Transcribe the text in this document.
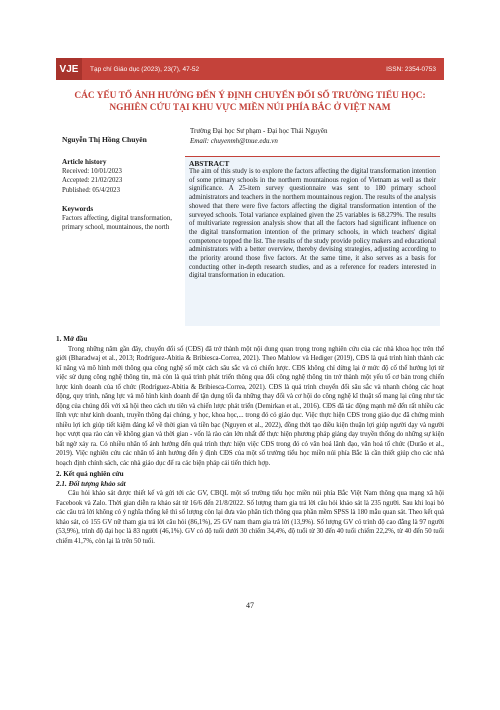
VJE	Tạp chí Giáo dục (2023), 23(7), 47-52	ISSN: 2354-0753
CÁC YẾU TỐ ẢNH HƯỞNG ĐẾN Ý ĐỊNH CHUYỂN ĐỔI SỐ TRƯỜNG TIỂU HỌC:
NGHIÊN CỨU TẠI KHU VỰC MIỀN NÚI PHÍA BẮC Ở VIỆT NAM
Nguyễn Thị Hồng Chuyên
Trường Đại học Sư phạm - Đại học Thái Nguyên
Email: chuyenmh@tnue.edu.vn
Article history
Received: 10/01/2023
Accepted: 21/02/2023
Published: 05/4/2023
Keywords
Factors affecting, digital transformation, primary school, mountainous, the north
ABSTRACT

The aim of this study is to explore the factors affecting the digital transformation intention of some primary schools in the northern mountainous region of Vietnam as well as their significance. A 25-item survey questionnaire was sent to 180 primary school administrators and teachers in the northern mountainous region. The results of the analysis showed that there were five factors affecting the digital transformation intention of the surveyed schools. Total variance explained given the 25 variables is 68.279%. The results of multivariate regression analysis show that all the factors had significant influence on the digital transformation intention of the primary schools, in which teachers' digital competence topped the list. The results of the study provide policy makers and educational administrators with a better overview, thereby devising strategies, adjusting according to the priority around those five factors. At the same time, it also serves as a basis for conducting other in-depth research studies, and as a reference for readers interested in digital transformation in education.

1. Mở đầu

Trong những năm gần đây, chuyển đổi số (CĐS) đã trở thành một nội dung quan trọng trong nghiên cứu của các nhà khoa học trên thế giới (Bharadwaj et al., 2013; Rodríguez-Abitia & Bribiesca-Correa, 2021). Theo Mahlow và Hediger (2019), CĐS là quá trình hình thành các kĩ năng và mô hình mới thông qua công nghệ số một cách sâu sắc và có chiến lược. CĐS không chỉ dừng lại ở mức độ cố thể hướng lợi từ việc sử dụng công nghệ thông tin, mà còn là quá trình phát triển thông qua đổi công nghệ thông tin trở thành một yếu tố cơ bản trong chiến lược kinh doanh của tổ chức (Rodríguez-Abitia & Bribiesca-Correa, 2021). CĐS là quá trình chuyển đổi sâu sắc và nhanh chóng các hoạt động, quy trình, năng lực và mô hình kinh doanh để tận dụng tối đa những thay đổi và cơ hội do công nghệ kĩ thuật số mang lại cũng như tác động của chúng đối với xã hội theo cách ưu tiên và chiến lược phát triển (Demirkan et al., 2016). CĐS đã tác động mạnh mẽ đến rất nhiều các lĩnh vực như kinh doanh, truyền thông đại chúng, y học, khoa học,... trong đó có giáo dục. Việc thực hiện CĐS trong giáo dục đã chứng minh nhiều lợi ích giúp tiết kiệm đáng kể về thời gian và tiền bạc (Nguyen et al., 2022), đồng thời tạo điều kiện thuận lợi giúp người dạy và người học vượt qua rào cản về không gian và thời gian - vốn là rào cản lớn nhất để thực hiện phương pháp giảng dạy truyền thống do những sự kiện bất ngờ xảy ra. Có nhiều nhân tố ảnh hưởng đến quá trình thực hiện việc CĐS trong đó có văn hoá lãnh đạo, văn hoá tổ chức (Durão et al., 2019). Việc nghiên cứu các nhân tố ảnh hưởng đến ý định CĐS của một số trường tiểu học miền núi phía Bắc là cần thiết giúp cho các nhà hoạch định chính sách, các nhà giáo dục để ra các biện pháp cải tiến thích hợp.

2. Kết quả nghiên cứu
2.1. Đối tượng khảo sát

Câu hỏi khảo sát được thiết kế và gửi tới các GV, CBQL một số trường tiểu học miền núi phía Bắc Việt Nam thông qua mạng xã hội Facebook và Zalo. Thời gian diễn ra khảo sát từ 16/6 đến 21/8/2022. Số lượng tham gia trả lời câu hỏi khảo sát là 235 người. Sau khi loại bỏ các câu trả lời không có ý nghĩa thống kê thì số lượng còn lại đưa vào phân tích thông qua phần mềm SPSS là 180 mẫu quan sát. Theo kết quả khảo sát, có 155 GV nữ tham gia trả lời câu hỏi (86,1%), 25 GV nam tham gia trả lời (13,9%). Số lượng GV có trình độ cao đẳng là 97 người (53,9%), trình độ đại học là 83 người (46,1%). GV có độ tuổi dưới 30 chiếm 34,4%, độ tuổi từ 30 đến 40 tuổi chiếm 22,2%, từ 40 đến 50 tuổi chiếm 41,7%, còn lại là trên 50 tuổi.

47
